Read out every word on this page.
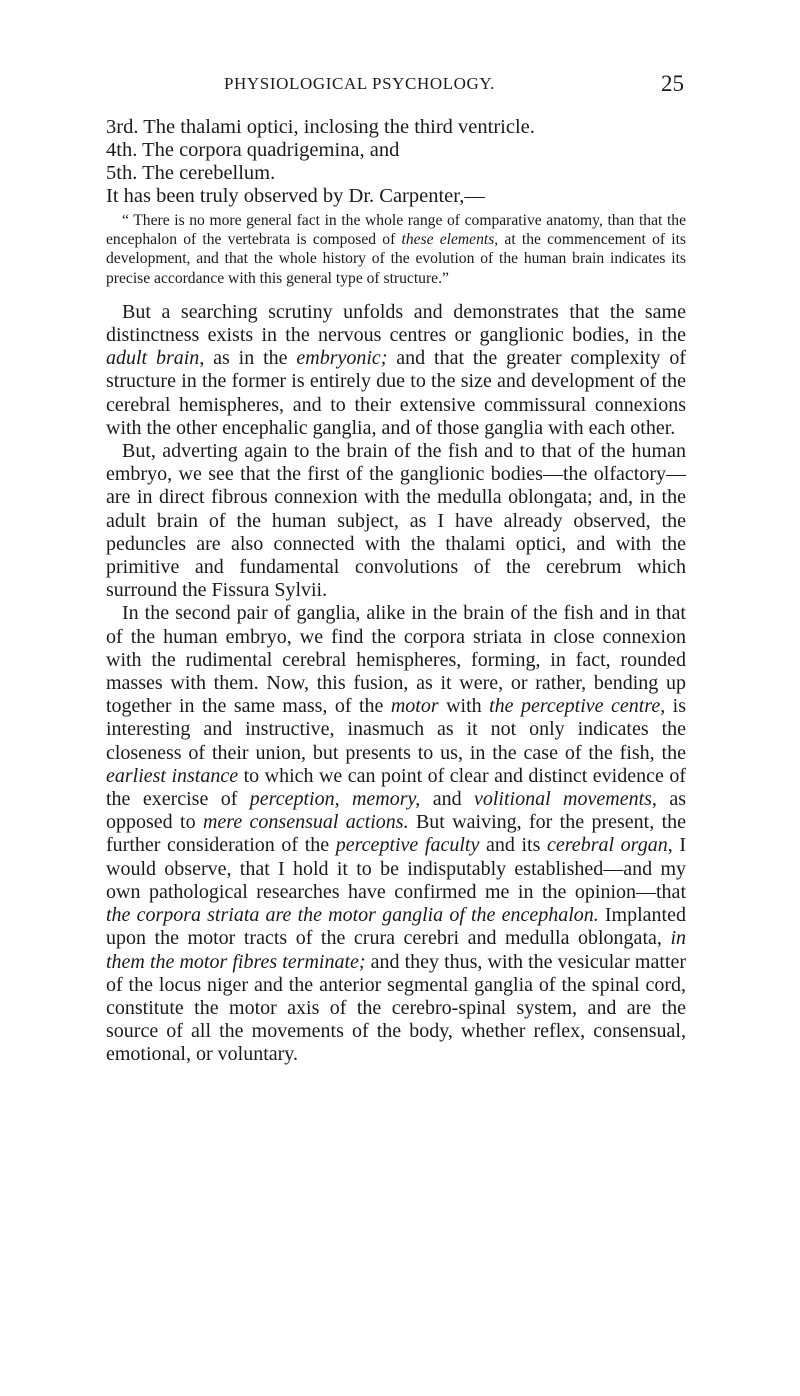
PHYSIOLOGICAL PSYCHOLOGY.	25

3rd. The thalami optici, inclosing the third ventricle.

4th. The corpora quadrigemina, and

5th. The cerebellum.

It has been truly observed by Dr. Carpenter,—

“ There is no more general fact in the whole range of comparative anatomy, than that the encephalon of the vertebrata is composed of these elements, at the commencement of its development, and that the whole history of the evolution of the human brain indicates its precise accordance with this general type of structure.”

But a searching scrutiny unfolds and demonstrates that the same distinctness exists in the nervous centres or ganglionic bodies, in the adult brain, as in the embryonic; and that the greater complexity of structure in the former is entirely due to the size and development of the cerebral hemispheres, and to their extensive commissural connexions with the other encephalic ganglia, and of those ganglia with each other.

But, adverting again to the brain of the fish and to that of the human embryo, we see that the first of the ganglionic bodies—the olfactory—are in direct fibrous connexion with the medulla oblongata; and, in the adult brain of the human subject, as I have already observed, the peduncles are also connected with the thalami optici, and with the primitive and fundamental convolutions of the cerebrum which surround the Fissura Sylvii.

In the second pair of ganglia, alike in the brain of the fish and in that of the human embryo, we find the corpora striata in close connexion with the rudimental cerebral hemispheres, forming, in fact, rounded masses with them. Now, this fusion, as it were, or rather, bending up together in the same mass, of the motor with the perceptive centre, is interesting and instructive, inasmuch as it not only indicates the closeness of their union, but presents to us, in the case of the fish, the earliest instance to which we can point of clear and distinct evidence of the exercise of perception, memory, and volitional movements, as opposed to mere consensual actions. But waiving, for the present, the further consideration of the perceptive faculty and its cerebral organ, I would observe, that I hold it to be indisputably established—and my own pathological researches have confirmed me in the opinion—that the corpora striata are the motor ganglia of the encephalon. Implanted upon the motor tracts of the crura cerebri and medulla oblongata, in them the motor fibres terminate; and they thus, with the vesicular matter of the locus niger and the anterior segmental ganglia of the spinal cord, constitute the motor axis of the cerebro-spinal system, and are the source of all the movements of the body, whether reflex, consensual, emotional, or voluntary.
